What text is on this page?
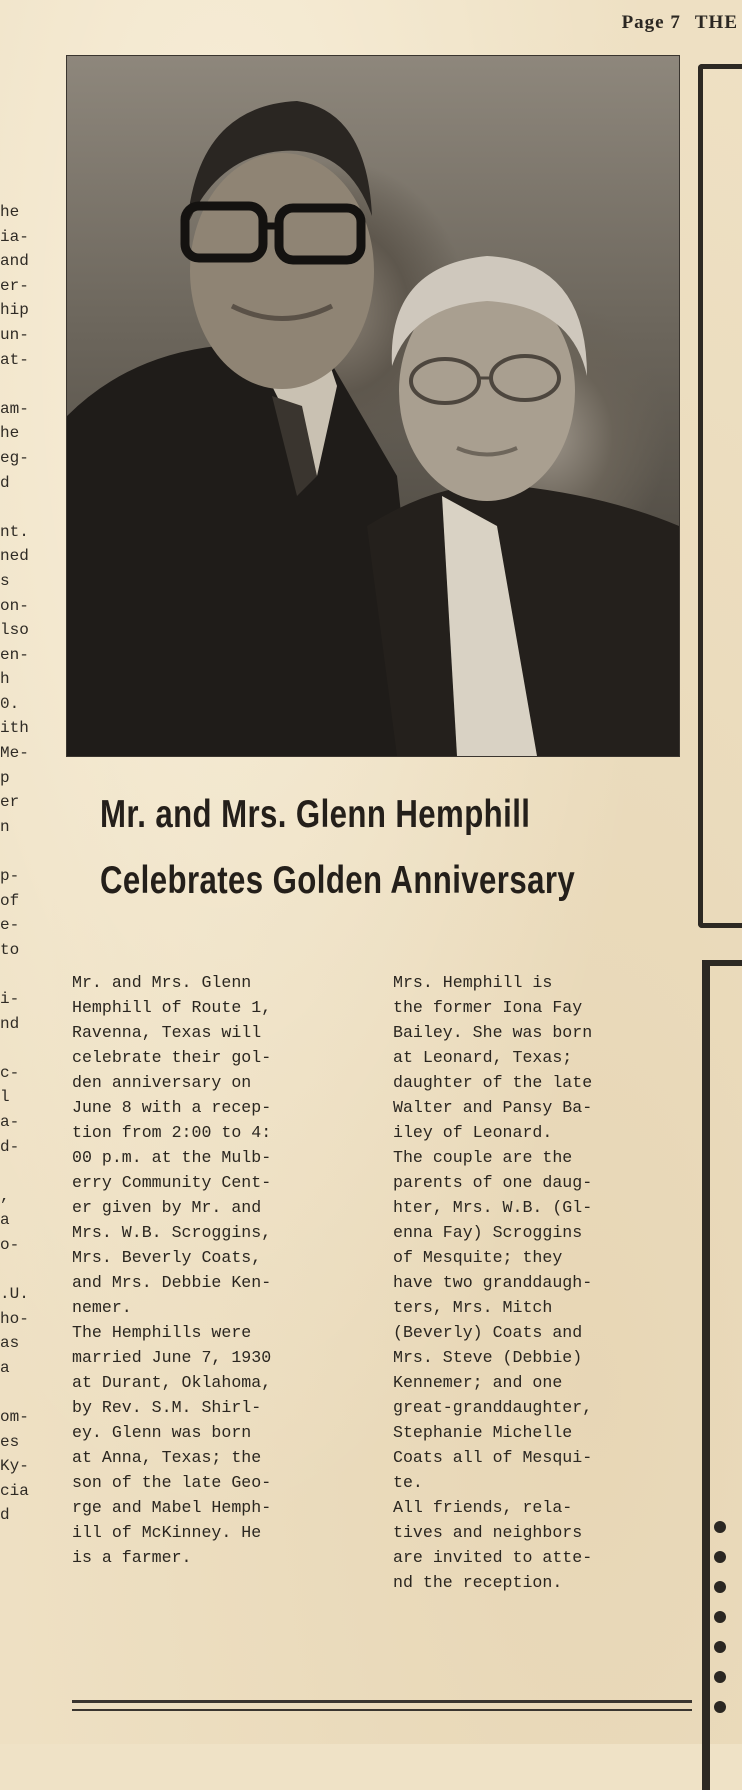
Page 7 THE
he
ia-
and
er-
hip
un-
at-
am-
he
eg-
d
nt.
ned
s
on-
lso
en-
h
0.
ith
Me-
p
er
n
p-
of
e-
to
i-
nd
c-
l
a-
d-
,
a
o-
.U.
ho-
as
a
om-
es
Ky-
cia
d
Mr. and Mrs. Glenn Hemphill
Celebrates Golden Anniversary
Mr. and Mrs. Glenn
Hemphill of Route 1,
Ravenna, Texas will
celebrate their gol-
den anniversary on
June 8 with a recep-
tion from 2:00 to 4:
00 p.m. at the Mulb-
erry Community Cent-
er given by Mr. and
Mrs. W.B. Scroggins,
Mrs. Beverly Coats,
and Mrs. Debbie Ken-
nemer.
The Hemphills were
married June 7, 1930
at Durant, Oklahoma,
by Rev. S.M. Shirl-
ey. Glenn was born
at Anna, Texas; the
son of the late Geo-
rge and Mabel Hemph-
ill of McKinney. He
is a farmer.
Mrs. Hemphill is
the former Iona Fay
Bailey. She was born
at Leonard, Texas;
daughter of the late
Walter and Pansy Ba-
iley of Leonard.
The couple are the
parents of one daug-
hter, Mrs. W.B. (Gl-
enna Fay) Scroggins
of Mesquite; they
have two granddaugh-
ters, Mrs. Mitch
(Beverly) Coats and
Mrs. Steve (Debbie)
Kennemer; and one
great-granddaughter,
Stephanie Michelle
Coats all of Mesqui-
te.
All friends, rela-
tives and neighbors
are invited to atte-
nd the reception.
